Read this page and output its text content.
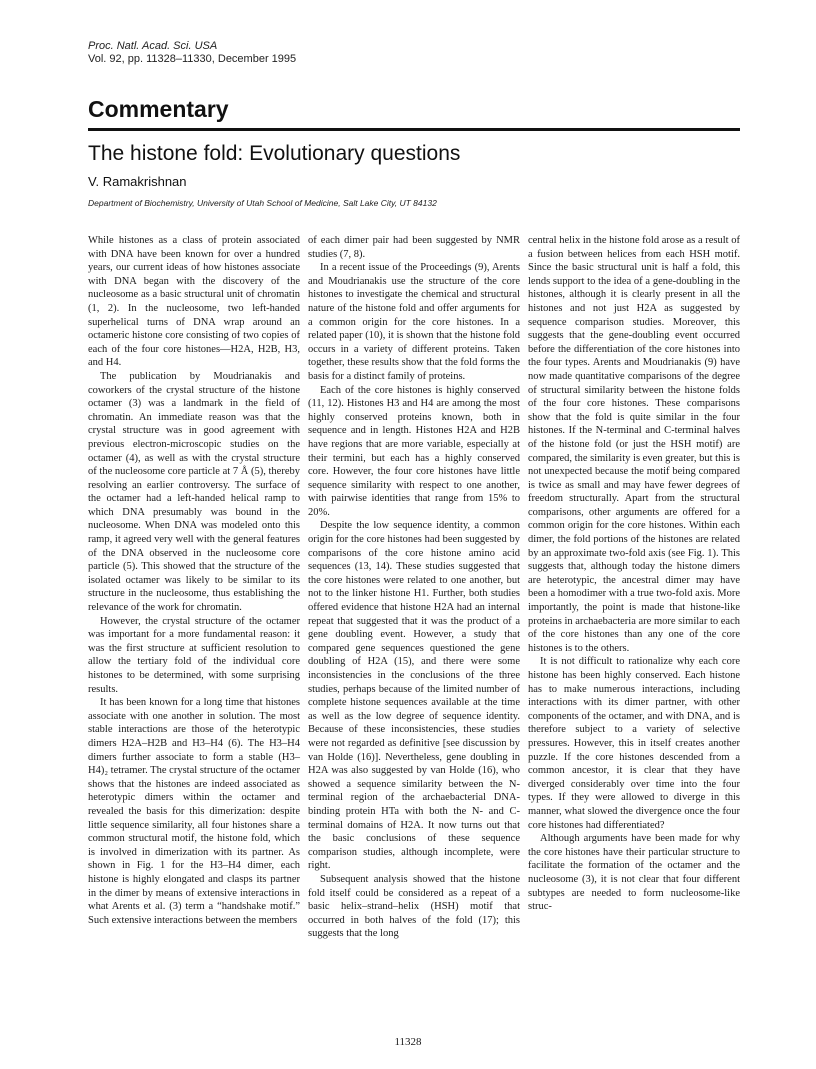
Proc. Natl. Acad. Sci. USA
Vol. 92, pp. 11328–11330, December 1995
Commentary
The histone fold: Evolutionary questions
V. Ramakrishnan
Department of Biochemistry, University of Utah School of Medicine, Salt Lake City, UT 84132

While histones as a class of protein associated with DNA have been known for over a hundred years, our current ideas of how histones associate with DNA began with the discovery of the nucleosome as a basic structural unit of chromatin (1, 2). In the nucleosome, two left-handed superhelical turns of DNA wrap around an octameric histone core consisting of two copies of each of the four core histones—H2A, H2B, H3, and H4.

The publication by Moudrianakis and coworkers of the crystal structure of the histone octamer (3) was a landmark in the field of chromatin. An immediate reason was that the crystal structure was in good agreement with previous electron-microscopic studies on the octamer (4), as well as with the crystal structure of the nucleosome core particle at 7 Å (5), thereby resolving an earlier controversy. The surface of the octamer had a left-handed helical ramp to which DNA presumably was bound in the nucleosome. When DNA was modeled onto this ramp, it agreed very well with the general features of the DNA observed in the nucleosome core particle (5). This showed that the structure of the isolated octamer was likely to be similar to its structure in the nucleosome, thus establishing the relevance of the work for chromatin.

However, the crystal structure of the octamer was important for a more fundamental reason: it was the first structure at sufficient resolution to allow the tertiary fold of the individual core histones to be determined, with some surprising results.

It has been known for a long time that histones associate with one another in solution. The most stable interactions are those of the heterotypic dimers H2A–H2B and H3–H4 (6). The H3–H4 dimers further associate to form a stable (H3–H4)₂ tetramer. The crystal structure of the octamer shows that the histones are indeed associated as heterotypic dimers within the octamer and revealed the basis for this dimerization: despite little sequence similarity, all four histones share a common structural motif, the histone fold, which is involved in dimerization with its partner. As shown in Fig. 1 for the H3–H4 dimer, each histone is highly elongated and clasps its partner in the dimer by means of extensive interactions in what Arents et al. (3) term a “handshake motif.” Such extensive interactions between the members

of each dimer pair had been suggested by NMR studies (7, 8).

In a recent issue of the Proceedings (9), Arents and Moudrianakis use the structure of the core histones to investigate the chemical and structural nature of the histone fold and offer arguments for a common origin for the core histones. In a related paper (10), it is shown that the histone fold occurs in a variety of different proteins. Taken together, these results show that the fold forms the basis for a distinct family of proteins.

Each of the core histones is highly conserved (11, 12). Histones H3 and H4 are among the most highly conserved proteins known, both in sequence and in length. Histones H2A and H2B have regions that are more variable, especially at their termini, but each has a highly conserved core. However, the four core histones have little sequence similarity with respect to one another, with pairwise identities that range from 15% to 20%.

Despite the low sequence identity, a common origin for the core histones had been suggested by comparisons of the core histone amino acid sequences (13, 14). These studies suggested that the core histones were related to one another, but not to the linker histone H1. Further, both studies offered evidence that histone H2A had an internal repeat that suggested that it was the product of a gene doubling event. However, a study that compared gene sequences questioned the gene doubling of H2A (15), and there were some inconsistencies in the conclusions of the three studies, perhaps because of the limited number of complete histone sequences available at the time as well as the low degree of sequence identity. Because of these inconsistencies, these studies were not regarded as definitive [see discussion by van Holde (16)]. Nevertheless, gene doubling in H2A was also suggested by van Holde (16), who showed a sequence similarity between the N-terminal region of the archaebacterial DNA-binding protein HTa with both the N- and C-terminal domains of H2A. It now turns out that the basic conclusions of these sequence comparison studies, although incomplete, were right.

Subsequent analysis showed that the histone fold itself could be considered as a repeat of a basic helix–strand–helix (HSH) motif that occurred in both halves of the fold (17); this suggests that the long

central helix in the histone fold arose as a result of a fusion between helices from each HSH motif. Since the basic structural unit is half a fold, this lends support to the idea of a gene-doubling in the histones, although it is clearly present in all the histones and not just H2A as suggested by sequence comparison studies. Moreover, this suggests that the gene-doubling event occurred before the differentiation of the core histones into the four types. Arents and Moudrianakis (9) have now made quantitative comparisons of the degree of structural similarity between the histone folds of the four core histones. These comparisons show that the fold is quite similar in the four histones. If the N-terminal and C-terminal halves of the histone fold (or just the HSH motif) are compared, the similarity is even greater, but this is not unexpected because the motif being compared is twice as small and may have fewer degrees of freedom structurally. Apart from the structural comparisons, other arguments are offered for a common origin for the core histones. Within each dimer, the fold portions of the histones are related by an approximate two-fold axis (see Fig. 1). This suggests that, although today the histone dimers are heterotypic, the ancestral dimer may have been a homodimer with a true two-fold axis. More importantly, the point is made that histone-like proteins in archaebacteria are more similar to each of the core histones than any one of the core histones is to the others.

It is not difficult to rationalize why each core histone has been highly conserved. Each histone has to make numerous interactions, including interactions with its dimer partner, with other components of the octamer, and with DNA, and is therefore subject to a variety of selective pressures. However, this in itself creates another puzzle. If the core histones descended from a common ancestor, it is clear that they have diverged considerably over time into the four types. If they were allowed to diverge in this manner, what slowed the divergence once the four core histones had differentiated?

Although arguments have been made for why the core histones have their particular structure to facilitate the formation of the octamer and the nucleosome (3), it is not clear that four different subtypes are needed to form nucleosome-like struc-

11328
